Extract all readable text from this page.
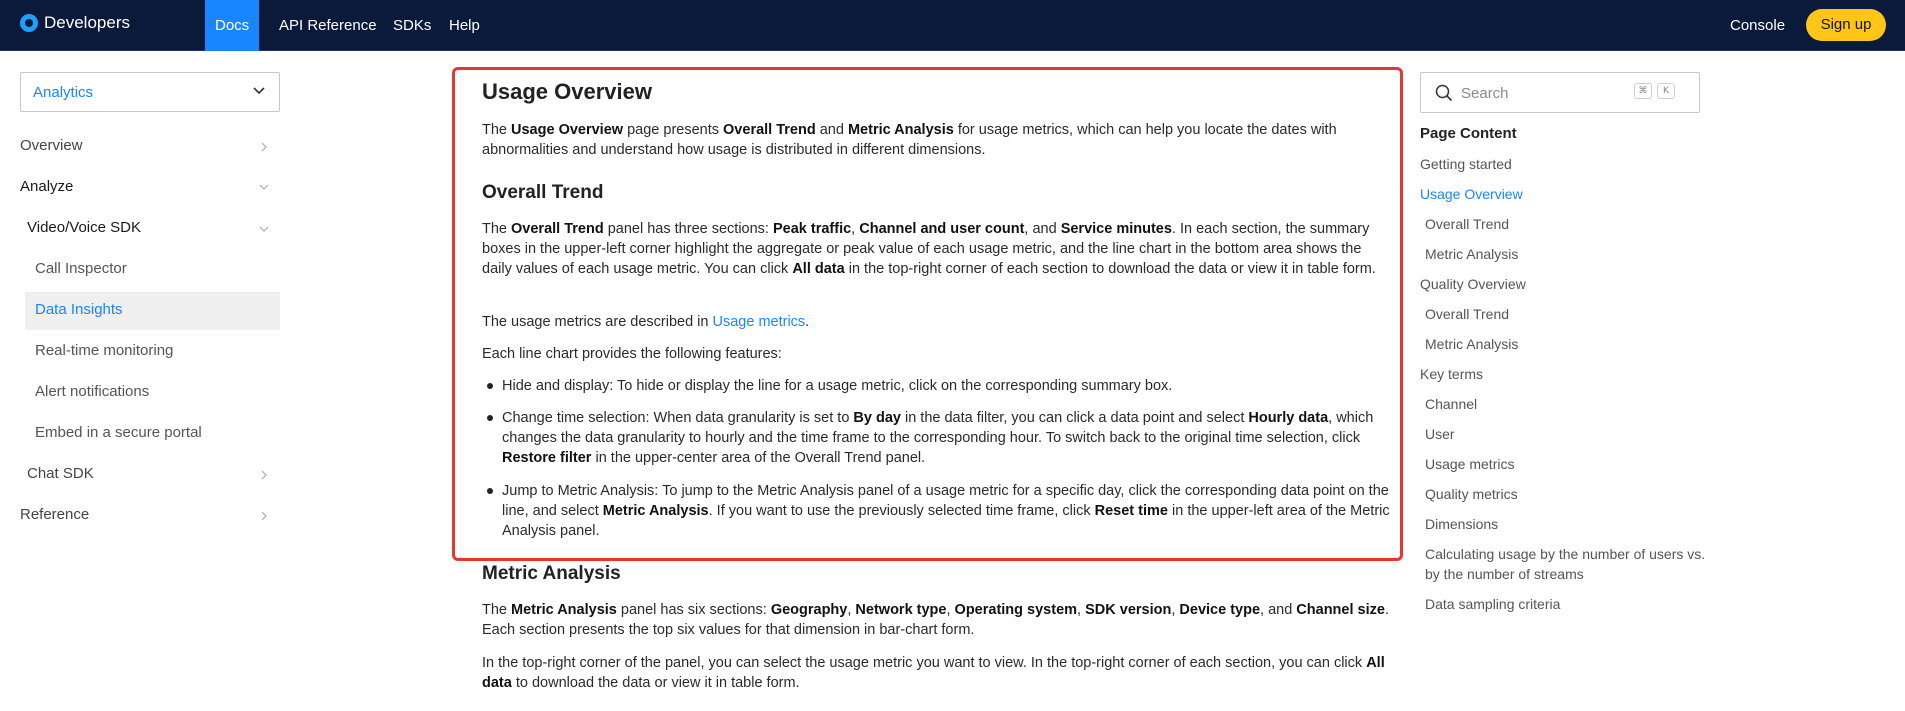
Developers	Docs	API Reference SDKs Help	Console	Sign up
Analytics
Overview
Analyze
Video/Voice SDK
Call Inspector
Data Insights
Real-time monitoring
Alert notifications
Embed in a secure portal
Chat SDK
Reference
Usage Overview
The Usage Overview page presents Overall Trend and Metric Analysis for usage metrics, which can help you locate the dates with abnormalities and understand how usage is distributed in different dimensions.
Overall Trend
The Overall Trend panel has three sections: Peak traffic, Channel and user count, and Service minutes. In each section, the summary boxes in the upper-left corner highlight the aggregate or peak value of each usage metric, and the line chart in the bottom area shows the daily values of each usage metric. You can click All data in the top-right corner of each section to download the data or view it in table form.
The usage metrics are described in Usage metrics.
Each line chart provides the following features:
Hide and display: To hide or display the line for a usage metric, click on the corresponding summary box.
Change time selection: When data granularity is set to By day in the data filter, you can click a data point and select Hourly data, which changes the data granularity to hourly and the time frame to the corresponding hour. To switch back to the original time selection, click Restore filter in the upper-center area of the Overall Trend panel.
Jump to Metric Analysis: To jump to the Metric Analysis panel of a usage metric for a specific day, click the corresponding data point on the line, and select Metric Analysis. If you want to use the previously selected time frame, click Reset time in the upper-left area of the Metric Analysis panel.
Metric Analysis
The Metric Analysis panel has six sections: Geography, Network type, Operating system, SDK version, Device type, and Channel size. Each section presents the top six values for that dimension in bar-chart form.
In the top-right corner of the panel, you can select the usage metric you want to view. In the top-right corner of each section, you can click All data to download the data or view it in table form.
Search	⌘	K
Page Content
Getting started
Usage Overview
Overall Trend
Metric Analysis
Quality Overview
Overall Trend
Metric Analysis
Key terms
Channel
User
Usage metrics
Quality metrics
Dimensions
Calculating usage by the number of users vs. by the number of streams
Data sampling criteria
